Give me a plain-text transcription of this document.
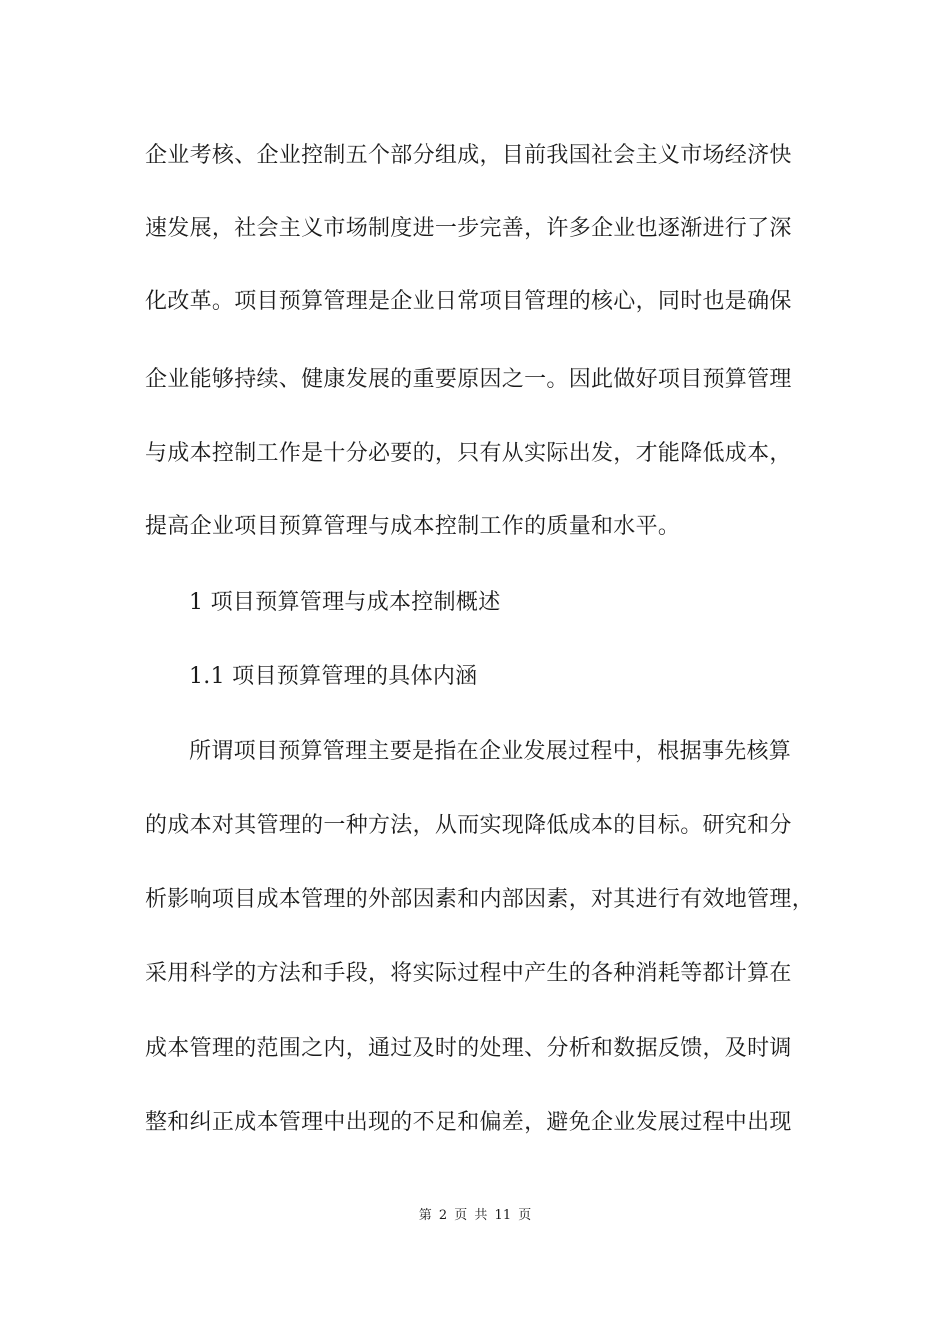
企业考核、企业控制五个部分组成，目前我国社会主义市场经济快
速发展，社会主义市场制度进一步完善，许多企业也逐渐进行了深
化改革。项目预算管理是企业日常项目管理的核心，同时也是确保
企业能够持续、健康发展的重要原因之一。因此做好项目预算管理
与成本控制工作是十分必要的，只有从实际出发，才能降低成本，
提高企业项目预算管理与成本控制工作的质量和水平。
1 项目预算管理与成本控制概述
1.1 项目预算管理的具体内涵
所谓项目预算管理主要是指在企业发展过程中，根据事先核算
的成本对其管理的一种方法，从而实现降低成本的目标。研究和分
析影响项目成本管理的外部因素和内部因素，对其进行有效地管理，
采用科学的方法和手段，将实际过程中产生的各种消耗等都计算在
成本管理的范围之内，通过及时的处理、分析和数据反馈，及时调
整和纠正成本管理中出现的不足和偏差，避免企业发展过程中出现
第 2 页 共 11 页
